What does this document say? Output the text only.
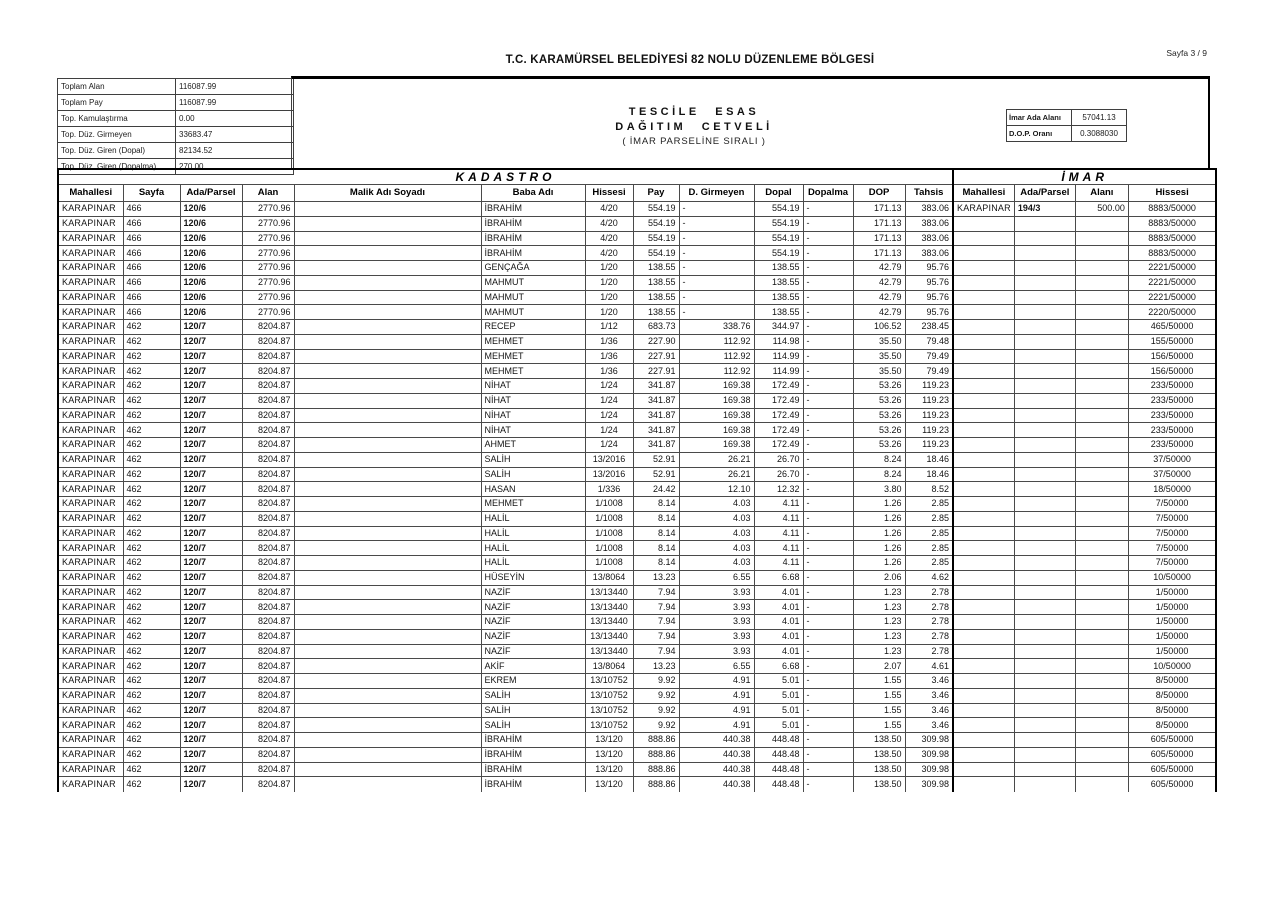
Sayfa 3 / 9
T.C. KARAMÜRSEL BELEDİYESİ 82 NOLU DÜZENLEME BÖLGESİ
Toplam Alan	116087.99
Toplam Pay	116087.99
Top. Kamulaştırma	0.00
Top. Düz. Girmeyen	33683.47
Top. Düz. Giren (Dopal)	82134.52
Top. Düz. Giren (Dopalma)	270.00
TESCİLE ESAS
DAĞITIM CETVELİ
( İMAR PARSELİNE SIRALI )
İmar Ada Alanı	57041.13
D.O.P. Oranı	0.3088030
KADASTRO													İMAR			
Mahallesi	Sayfa	Ada/Parsel	Alan	Malik Adı Soyadı	Baba Adı	Hissesi	Pay	D. Girmeyen	Dopal	Dopalma	DOP	Tahsis	Mahallesi	Ada/Parsel	Alanı	Hissesi
KARAPINAR	466	120/6	2770.96		İBRAHİM	4/20	554.19	-	554.19	-	171.13	383.06	KARAPINAR	194/3	500.00	8883/50000
KARAPINAR	466	120/6	2770.96		İBRAHİM	4/20	554.19	-	554.19	-	171.13	383.06				8883/50000
KARAPINAR	466	120/6	2770.96		İBRAHİM	4/20	554.19	-	554.19	-	171.13	383.06				8883/50000
KARAPINAR	466	120/6	2770.96		İBRAHİM	4/20	554.19	-	554.19	-	171.13	383.06				8883/50000
KARAPINAR	466	120/6	2770.96		GENÇAĞA	1/20	138.55	-	138.55	-	42.79	95.76				2221/50000
KARAPINAR	466	120/6	2770.96		MAHMUT	1/20	138.55	-	138.55	-	42.79	95.76				2221/50000
KARAPINAR	466	120/6	2770.96		MAHMUT	1/20	138.55	-	138.55	-	42.79	95.76				2221/50000
KARAPINAR	466	120/6	2770.96		MAHMUT	1/20	138.55	-	138.55	-	42.79	95.76				2220/50000
KARAPINAR	462	120/7	8204.87		RECEP	1/12	683.73	338.76	344.97	-	106.52	238.45				465/50000
KARAPINAR	462	120/7	8204.87		MEHMET	1/36	227.90	112.92	114.98	-	35.50	79.48				155/50000
KARAPINAR	462	120/7	8204.87		MEHMET	1/36	227.91	112.92	114.99	-	35.50	79.49				156/50000
KARAPINAR	462	120/7	8204.87		MEHMET	1/36	227.91	112.92	114.99	-	35.50	79.49				156/50000
KARAPINAR	462	120/7	8204.87		NİHAT	1/24	341.87	169.38	172.49	-	53.26	119.23				233/50000
KARAPINAR	462	120/7	8204.87		NİHAT	1/24	341.87	169.38	172.49	-	53.26	119.23				233/50000
KARAPINAR	462	120/7	8204.87		NİHAT	1/24	341.87	169.38	172.49	-	53.26	119.23				233/50000
KARAPINAR	462	120/7	8204.87		NİHAT	1/24	341.87	169.38	172.49	-	53.26	119.23				233/50000
KARAPINAR	462	120/7	8204.87		AHMET	1/24	341.87	169.38	172.49	-	53.26	119.23				233/50000
KARAPINAR	462	120/7	8204.87		SALİH	13/2016	52.91	26.21	26.70	-	8.24	18.46				37/50000
KARAPINAR	462	120/7	8204.87		SALİH	13/2016	52.91	26.21	26.70	-	8.24	18.46				37/50000
KARAPINAR	462	120/7	8204.87		HASAN	1/336	24.42	12.10	12.32	-	3.80	8.52				18/50000
KARAPINAR	462	120/7	8204.87		MEHMET	1/1008	8.14	4.03	4.11	-	1.26	2.85				7/50000
KARAPINAR	462	120/7	8204.87		HALİL	1/1008	8.14	4.03	4.11	-	1.26	2.85				7/50000
KARAPINAR	462	120/7	8204.87		HALİL	1/1008	8.14	4.03	4.11	-	1.26	2.85				7/50000
KARAPINAR	462	120/7	8204.87		HALİL	1/1008	8.14	4.03	4.11	-	1.26	2.85				7/50000
KARAPINAR	462	120/7	8204.87		HALİL	1/1008	8.14	4.03	4.11	-	1.26	2.85				7/50000
KARAPINAR	462	120/7	8204.87		HÜSEYİN	13/8064	13.23	6.55	6.68	-	2.06	4.62				10/50000
KARAPINAR	462	120/7	8204.87		NAZİF	13/13440	7.94	3.93	4.01	-	1.23	2.78				1/50000
KARAPINAR	462	120/7	8204.87		NAZİF	13/13440	7.94	3.93	4.01	-	1.23	2.78				1/50000
KARAPINAR	462	120/7	8204.87		NAZİF	13/13440	7.94	3.93	4.01	-	1.23	2.78				1/50000
KARAPINAR	462	120/7	8204.87		NAZİF	13/13440	7.94	3.93	4.01	-	1.23	2.78				1/50000
KARAPINAR	462	120/7	8204.87		NAZİF	13/13440	7.94	3.93	4.01	-	1.23	2.78				1/50000
KARAPINAR	462	120/7	8204.87		AKİF	13/8064	13.23	6.55	6.68	-	2.07	4.61				10/50000
KARAPINAR	462	120/7	8204.87		EKREM	13/10752	9.92	4.91	5.01	-	1.55	3.46				8/50000
KARAPINAR	462	120/7	8204.87		SALİH	13/10752	9.92	4.91	5.01	-	1.55	3.46				8/50000
KARAPINAR	462	120/7	8204.87		SALİH	13/10752	9.92	4.91	5.01	-	1.55	3.46				8/50000
KARAPINAR	462	120/7	8204.87		SALİH	13/10752	9.92	4.91	5.01	-	1.55	3.46				8/50000
KARAPINAR	462	120/7	8204.87		İBRAHİM	13/120	888.86	440.38	448.48	-	138.50	309.98				605/50000
KARAPINAR	462	120/7	8204.87		İBRAHİM	13/120	888.86	440.38	448.48	-	138.50	309.98				605/50000
KARAPINAR	462	120/7	8204.87		İBRAHİM	13/120	888.86	440.38	448.48	-	138.50	309.98				605/50000
KARAPINAR	462	120/7	8204.87		İBRAHİM	13/120	888.86	440.38	448.48	-	138.50	309.98				605/50000
